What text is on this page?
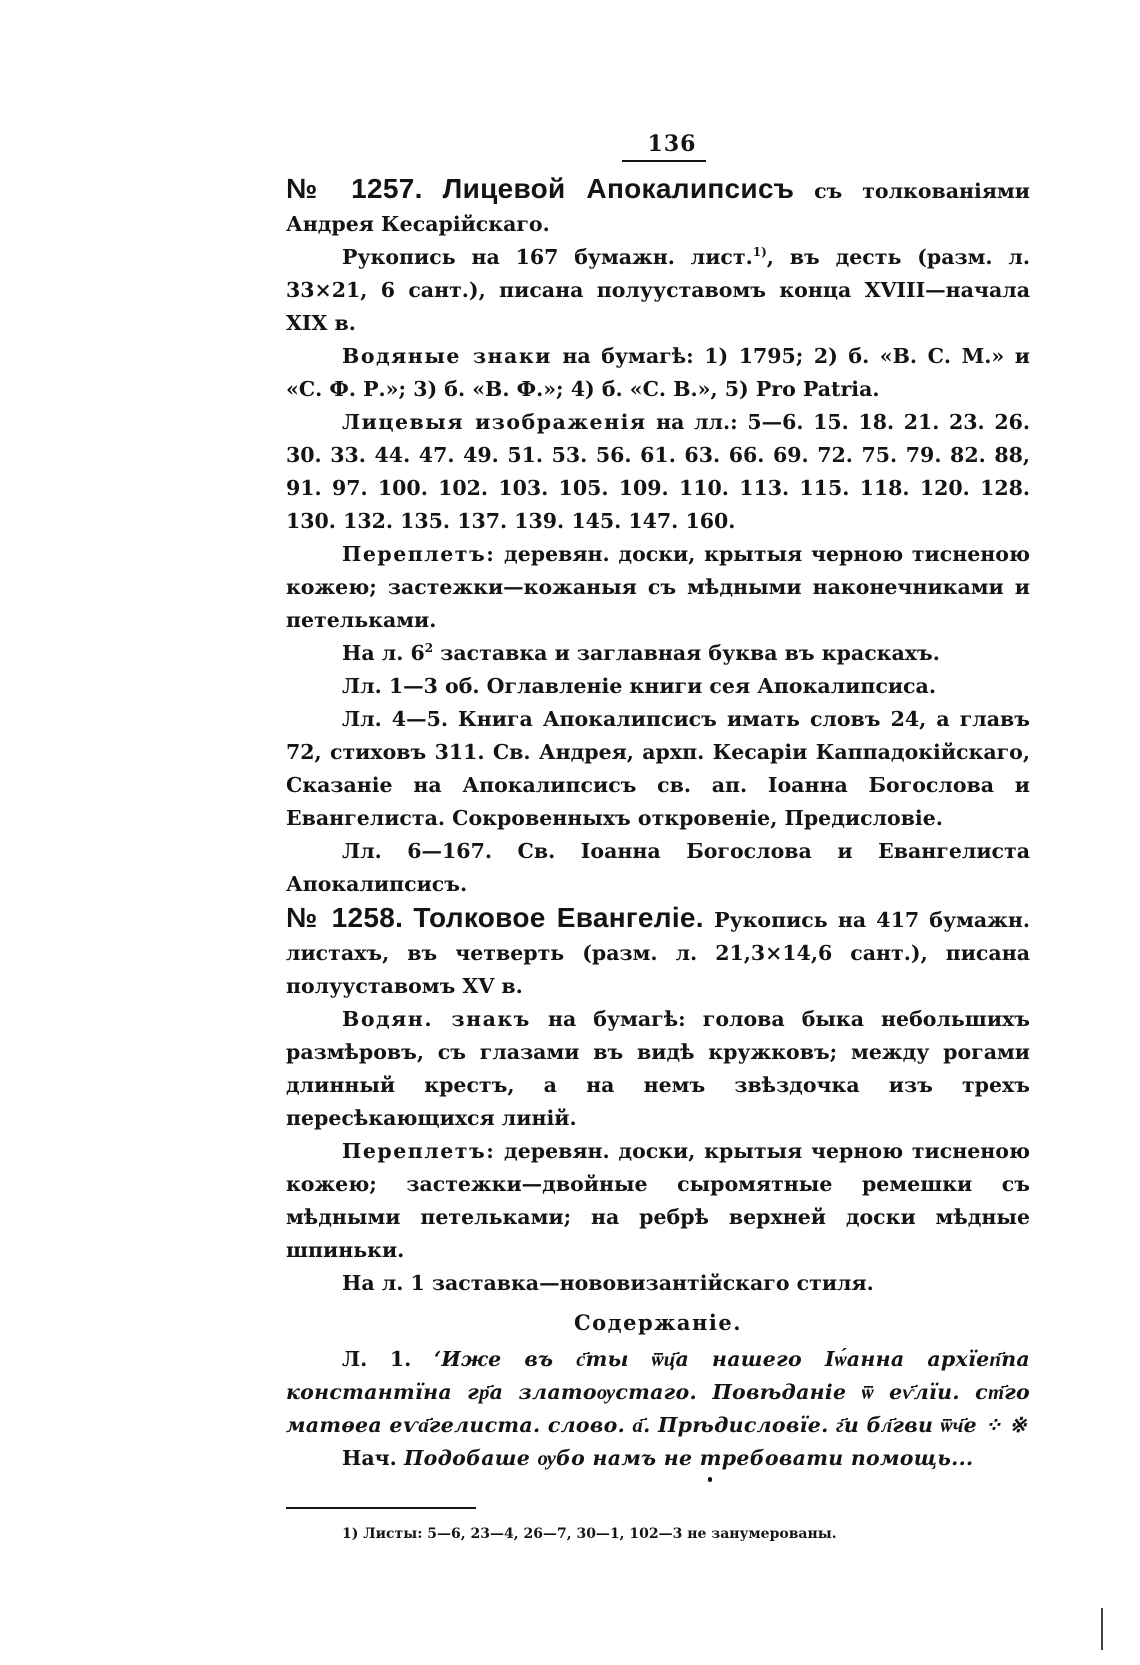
136

№ 1257. Лицевой Апокалипсисъ съ толкованіями Андрея Кесарійскаго.

Рукопись на 167 бумажн. лист.$^{1)}$, въ десть (разм. л. 33×21, 6 сант.), писана полууставомъ конца XVIII—начала XIX в.

Водяные знаки на бумагѣ: 1) 1795; 2) б. «В. С. М.» и «С. Ф. Р.»; 3) б. «В. Ф.»; 4) б. «С. В.», 5) Pro Patria.

Лицевыя изображенія на лл.: 5—6. 15. 18. 21. 23. 26. 30. 33. 44. 47. 49. 51. 53. 56. 61. 63. 66. 69. 72. 75. 79. 82. 88, 91. 97. 100. 102. 103. 105. 109. 110. 113. 115. 118. 120. 128. 130. 132. 135. 137. 139. 145. 147. 160.

Переплетъ: деревян. доски, крытыя черною тисненою кожею; застежки—кожаныя съ мѣдными наконечниками и петельками.

На л. $6^2$ заставка и заглавная буква въ краскахъ.

Лл. 1—3 об. Оглавленіе книги сея Апокалипсиса.

Лл. 4—5. Книга Апокалипсисъ имать словъ 24, а главъ 72, стиховъ 311. Св. Андрея, архп. Кесаріи Каппадокійскаго, Сказаніе на Апокалипсисъ св. ап. Іоанна Богослова и Евангелиста. Сокровенныхъ откровеніе, Предисловіе.

Лл. 6—167. Св. Іоанна Богослова и Евангелиста Апокалипсисъ.

№ 1258. Толковое Евангеліе. Рукопись на 417 бумажн. листахъ, въ четверть (разм. л. 21,3×14,6 сант.), писана полууставомъ XV в.

Водян. знакъ на бумагѣ: голова быка небольшихъ размѣровъ, съ глазами въ видѣ кружковъ; между рогами длинный крестъ, а на немъ звѣздочка изъ трехъ пересѣкающихся линій.

Переплетъ: деревян. доски, крытыя черною тисненою кожею; застежки—двойные сыромятные ремешки съ мѣдными петельками; на ребрѣ верхней доски мѣдные шпиньки.

На л. 1 заставка—нововизантійскаго стиля.

Содержаніе.

Л. 1. ‘Иже въ с҃ты ѿц҃а нашего Іѡ́анна архїеп҃па константїна гр҃а златоѹстаго. Повѣданіе ѿ еѵ҃лїи. ст҃го матѳеа еѵа҃гелиста. слово. а҃. Прѣдисловїе. г҃и бл҃гви ѿч҃е ⁘ ※

Нач. Подобаше ѹбо намъ не требовати помощь...

1) Листы: 5—6, 23—4, 26—7, 30—1, 102—3 не занумерованы.
